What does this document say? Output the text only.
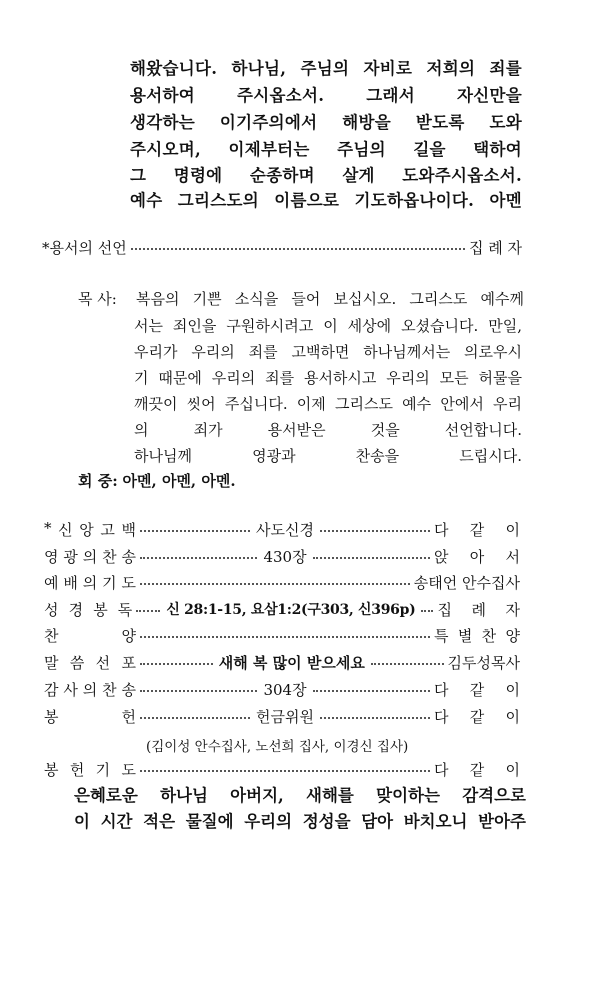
해왔습니다. 하나님, 주님의 자비로 저희의 죄를
용서하여 주시옵소서. 그래서 자신만을
생각하는 이기주의에서 해방을 받도록 도와
주시오며, 이제부터는 주님의 길을 택하여
그 명령에 순종하며 살게 도와주시옵소서.
예수 그리스도의 이름으로 기도하옵나이다. 아멘
*용서의 선언	집 례 자
목 사: 복음의 기쁜 소식을 들어 보십시오. 그리스도 예수께
서는 죄인을 구원하시려고 이 세상에 오셨습니다. 만일,
우리가 우리의 죄를 고백하면 하나님께서는 의로우시
기 때문에 우리의 죄를 용서하시고 우리의 모든 허물을
깨끗이 씻어 주십니다. 이제 그리스도 예수 안에서 우리
의 죄가 용서받은 것을 선언합니다.
하나님께 영광과 찬송을 드립시다.
회 중: 아멘, 아멘, 아멘.
* 신 앙 고 백	사도신경	다 같 이
영 광 의 찬 송	430장	앉 아 서
예 배 의 기 도	송태언 안수집사
성 경 봉 독 신 28:1-15, 요삼1:2(구303, 신396p) 집 례 자
찬	양	특 별 찬 양
말 씀 선 포	새해 복 많이 받으세요	김두성목사
감 사 의 찬 송	304장	다 같 이
봉	헌	헌금위원	다 같 이
(김이성 안수집사, 노선희 집사, 이경신 집사)
봉 헌 기 도	다 같 이
은혜로운 하나님 아버지, 새해를 맞이하는 감격으로
이 시간 적은 물질에 우리의 정성을 담아 바치오니 받아주
